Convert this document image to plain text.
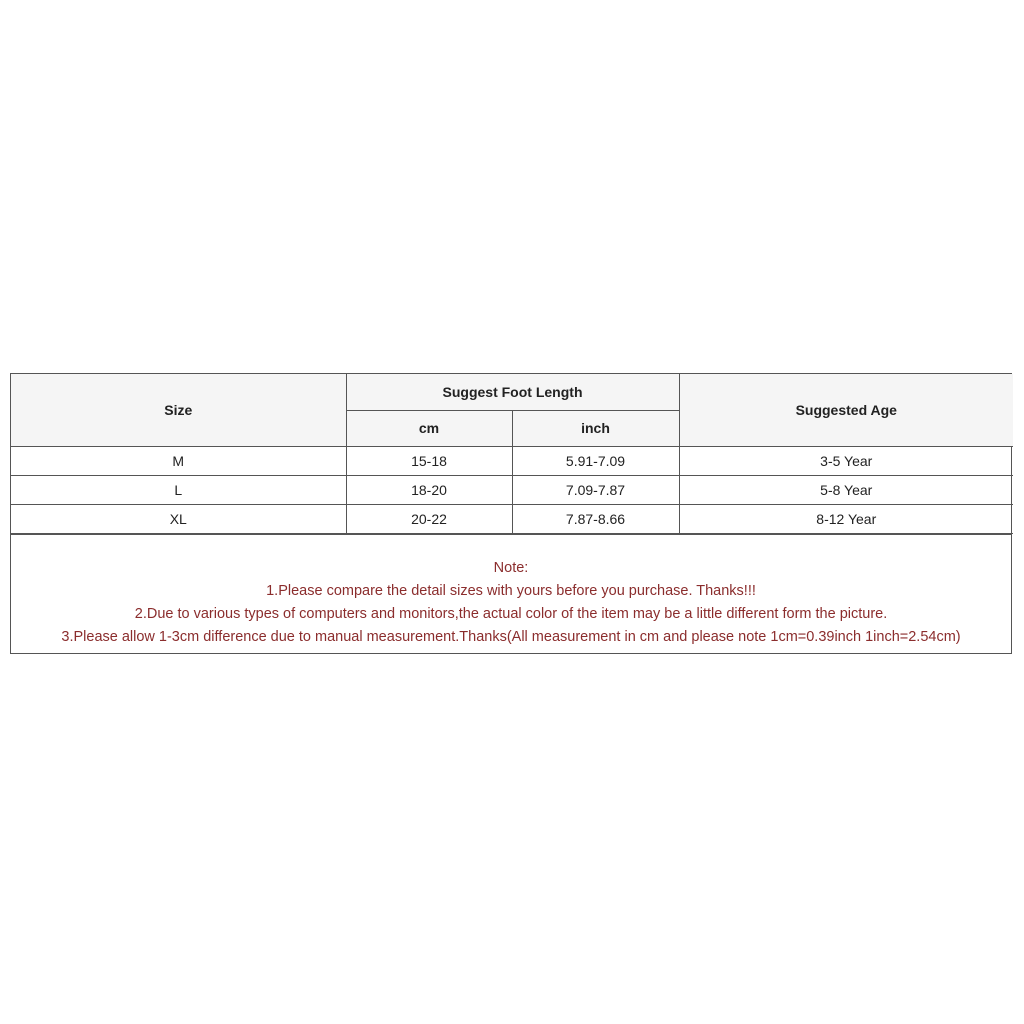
Size	Suggest Foot Length		Suggested Age
	cm	inch	
M	15-18	5.91-7.09	3-5 Year
L	18-20	7.09-7.87	5-8 Year
XL	20-22	7.87-8.66	8-12 Year
Note:
1.Please compare the detail sizes with yours before you purchase. Thanks!!!
2.Due to various types of computers and monitors,the actual color of the item may be a little different form the picture.
3.Please allow 1-3cm difference due to manual measurement.Thanks(All measurement in cm and please note 1cm=0.39inch 1inch=2.54cm)
